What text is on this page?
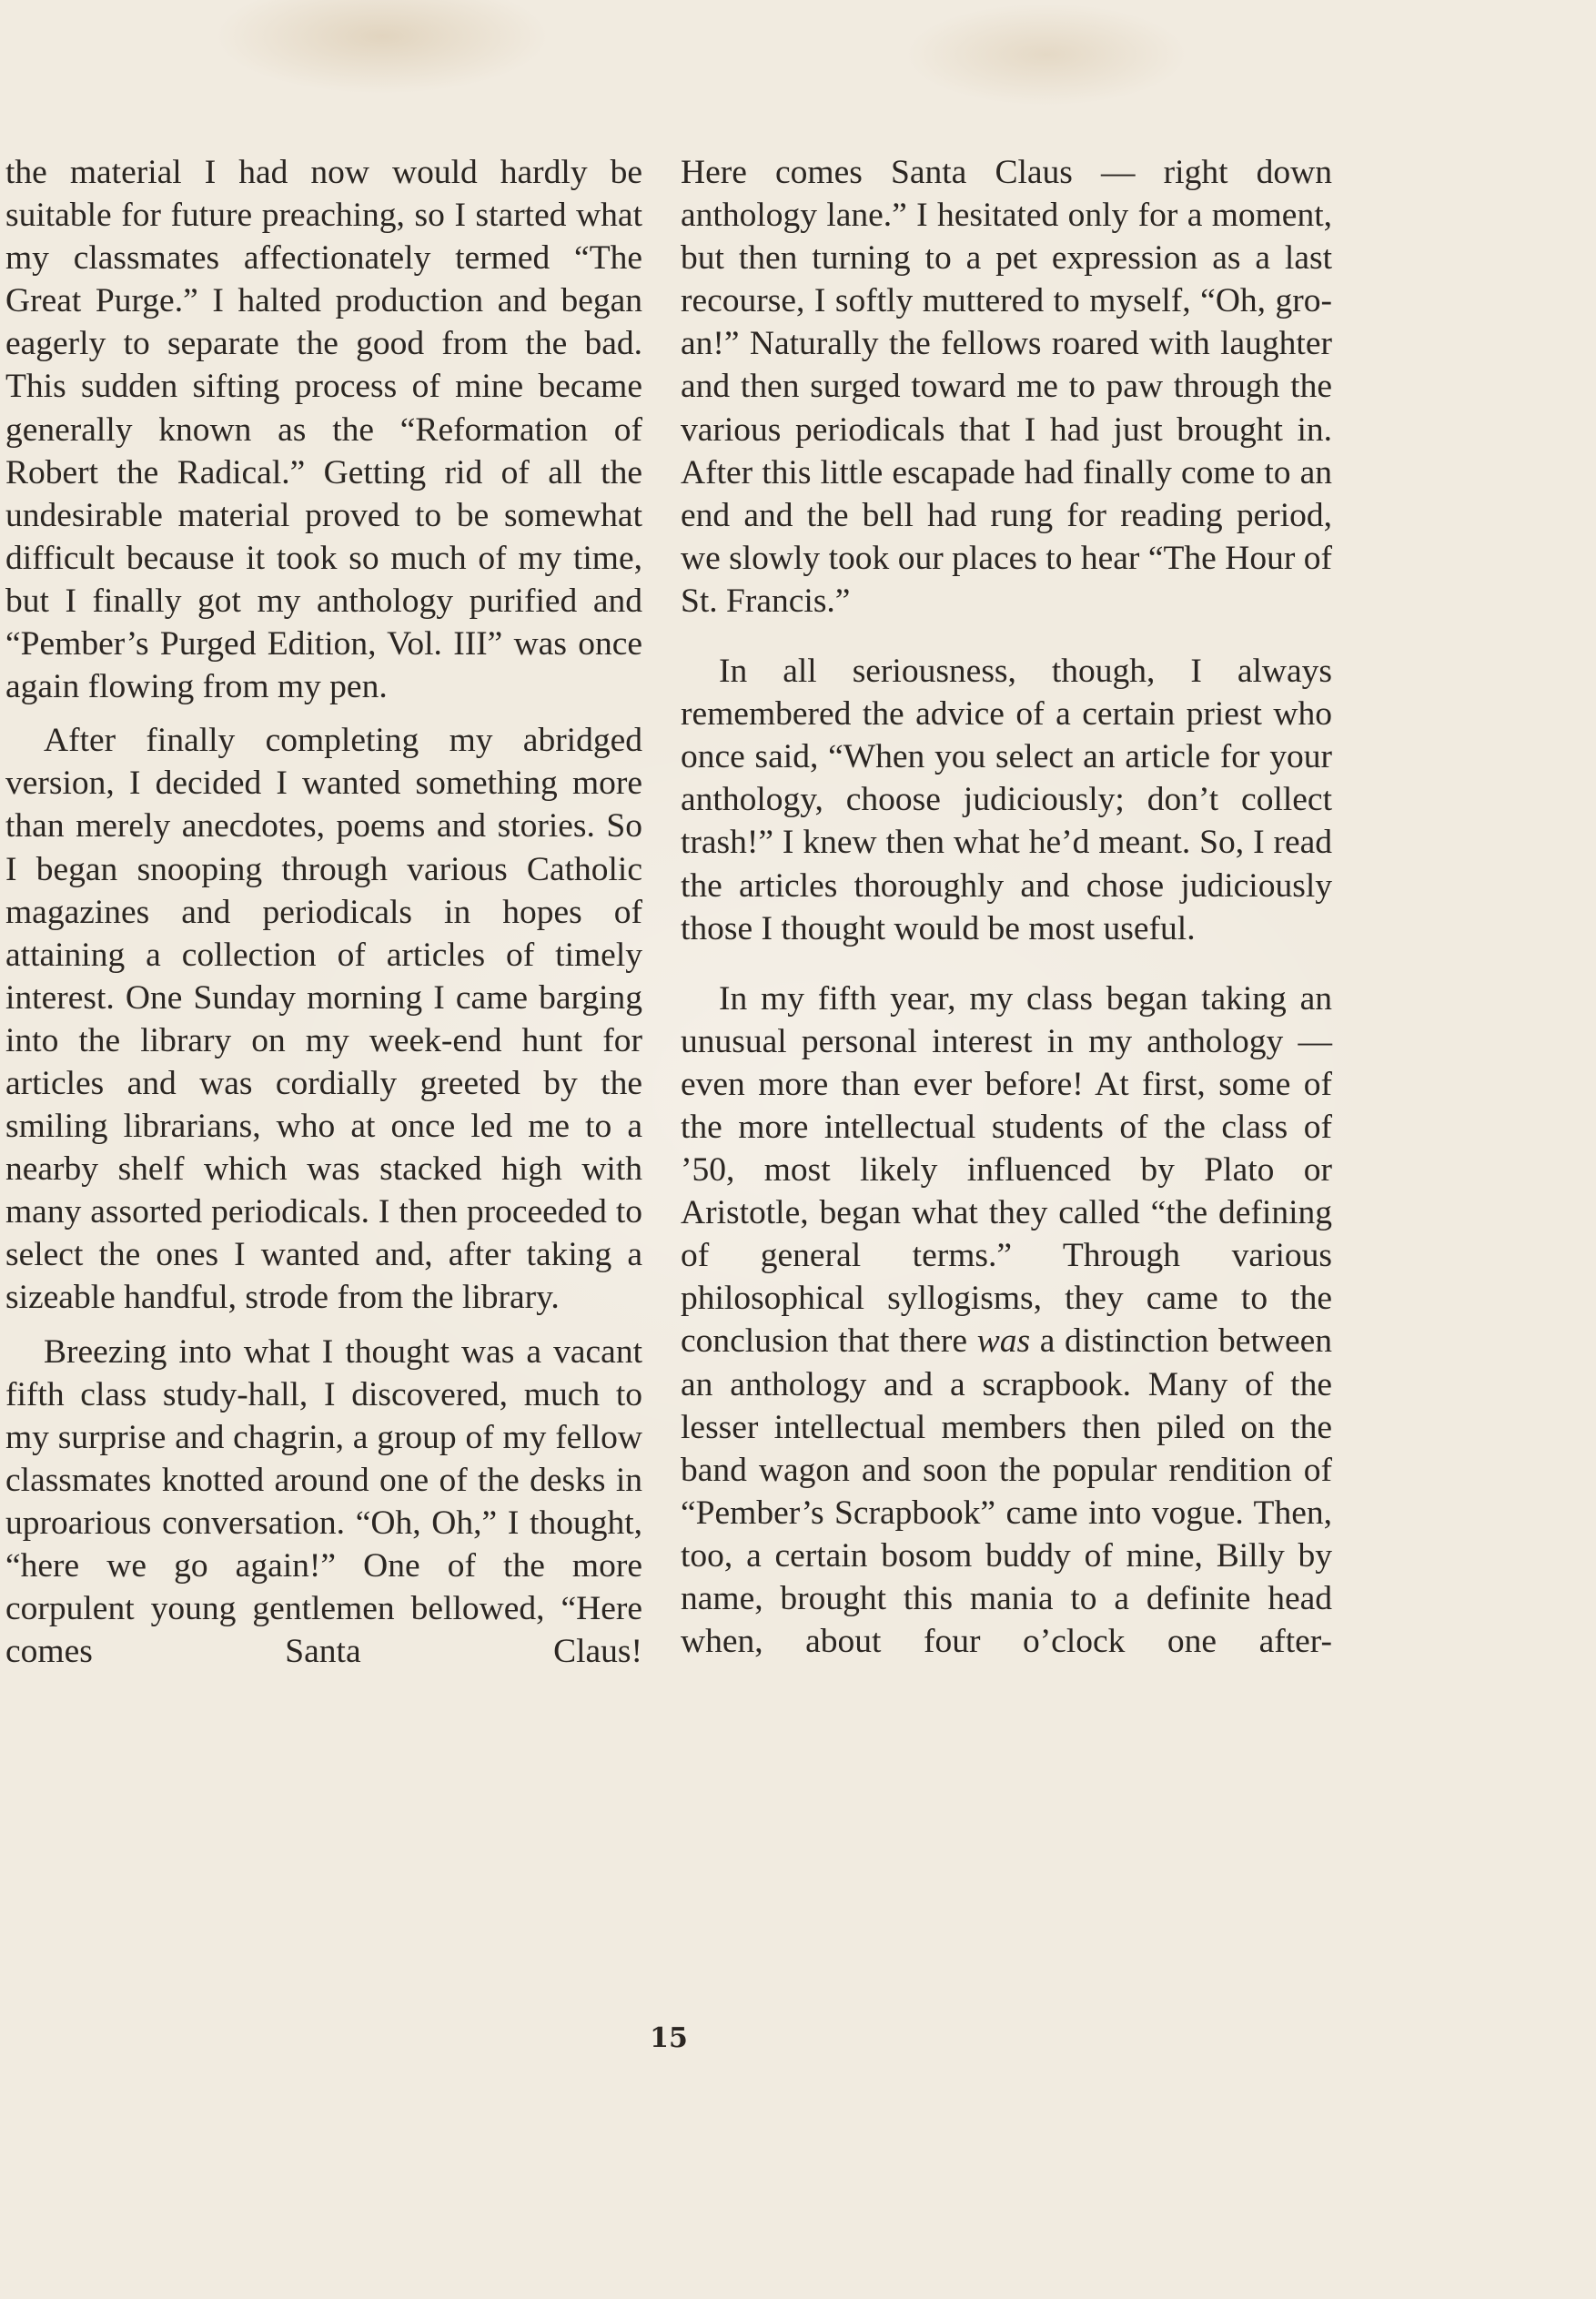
the material I had now would hardly be suitable for future preaching, so I started what my classmates affectionately termed “The Great Purge.” I halted production and began eagerly to separate the good from the bad. This sudden sifting process of mine became generally known as the “Reformation of Robert the Radical.” Getting rid of all the undesirable material proved to be somewhat difficult because it took so much of my time, but I finally got my anthology purified and “Pember’s Purged Edition, Vol. III” was once again flowing from my pen.

After finally completing my abridged version, I decided I wanted something more than merely anecdotes, poems and stories. So I began snooping through various Catholic magazines and periodicals in hopes of attaining a collection of articles of timely interest. One Sunday morning I came barging into the library on my week-end hunt for articles and was cordially greeted by the smiling librarians, who at once led me to a nearby shelf which was stacked high with many assorted periodicals. I then proceeded to select the ones I wanted and, after taking a sizeable handful, strode from the library.

Breezing into what I thought was a vacant fifth class study-hall, I discovered, much to my surprise and chagrin, a group of my fellow classmates knotted around one of the desks in uproarious conversation. “Oh, Oh,” I thought, “here we go again!” One of the more corpulent young gentlemen bellowed, “Here comes Santa Claus!

Here comes Santa Claus — right down anthology lane.” I hesitated only for a moment, but then turning to a pet expression as a last recourse, I softly muttered to myself, “Oh, gro-an!” Naturally the fellows roared with laughter and then surged toward me to paw through the various periodicals that I had just brought in. After this little escapade had finally come to an end and the bell had rung for reading period, we slowly took our places to hear “The Hour of St. Francis.”

In all seriousness, though, I always remembered the advice of a certain priest who once said, “When you select an article for your anthology, choose judiciously; don’t collect trash!” I knew then what he’d meant. So, I read the articles thoroughly and chose judiciously those I thought would be most useful.

In my fifth year, my class began taking an unusual personal interest in my anthology — even more than ever before! At first, some of the more intellectual students of the class of ’50, most likely influenced by Plato or Aristotle, began what they called “the defining of general terms.” Through various philosophical syllogisms, they came to the conclusion that there was a distinction between an anthology and a scrapbook. Many of the lesser intellectual members then piled on the band wagon and soon the popular rendition of “Pember’s Scrapbook” came into vogue. Then, too, a certain bosom buddy of mine, Billy by name, brought this mania to a definite head when, about four o’clock one after-

15
